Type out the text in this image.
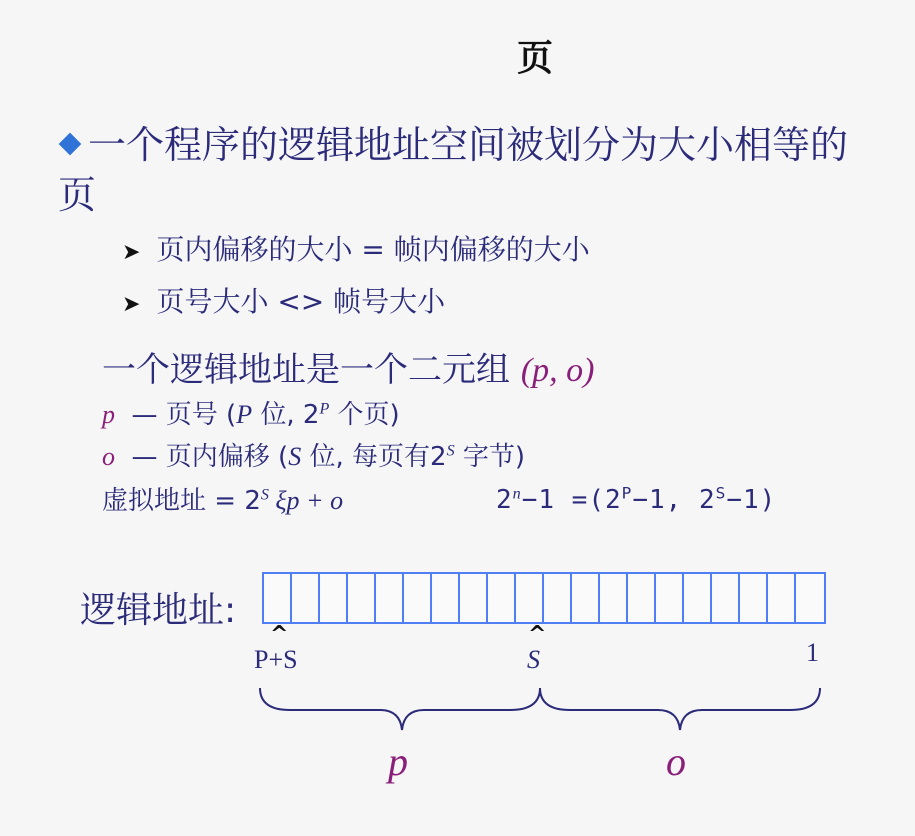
页
一个程序的逻辑地址空间被划分为大小相等的页
➤ 页内偏移的大小 = 帧内偏移的大小
➤ 页号大小 <> 帧号大小
一个逻辑地址是一个二元组 (p, o)
p — 页号 (P 位, $2^P$ 个页)
o — 页内偏移 (S 位, 每页有$2^S$ 字节)
虚拟地址 = $2^S$ ξp + o	$2^n-1 =(2^P-1$, $2^S-1$)
逻辑地址:
^	^
P+S	S	1
p	o
